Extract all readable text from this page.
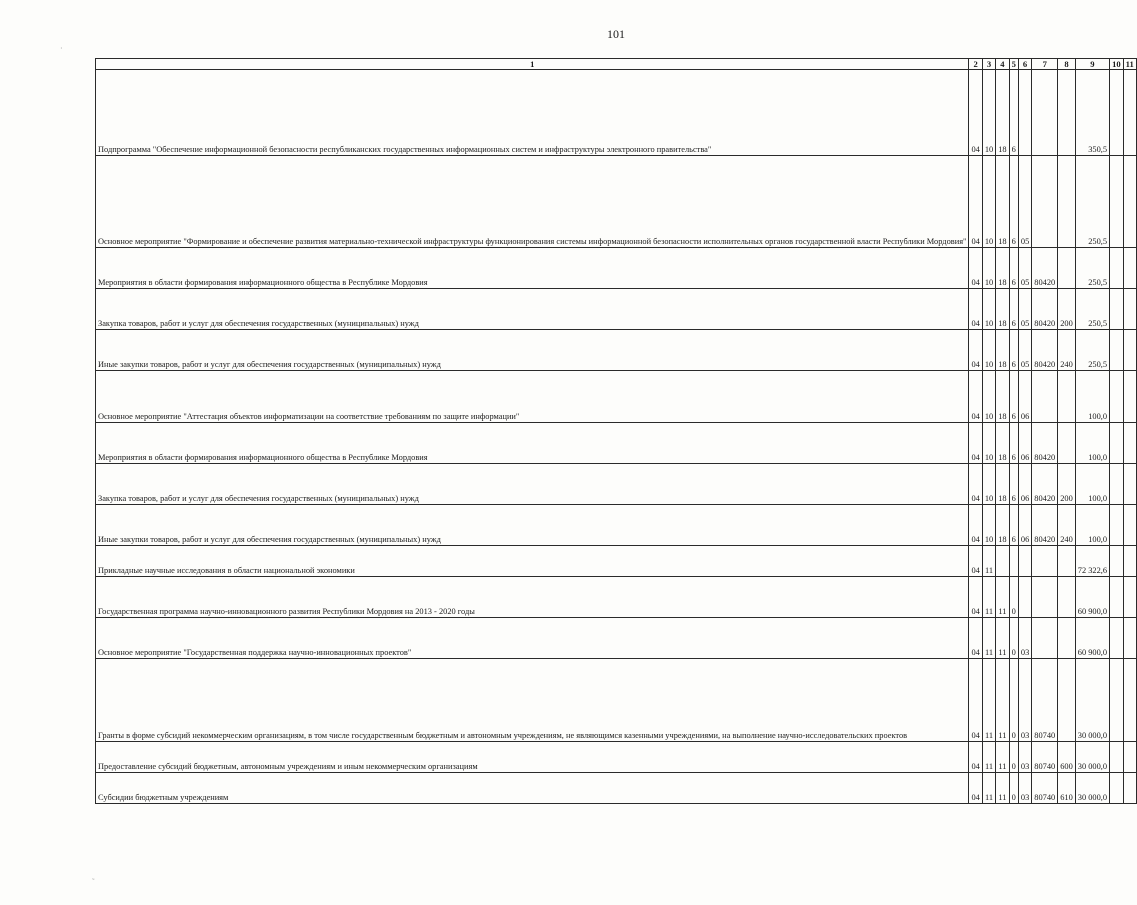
101
·
˜
1	2	3	4	5	6	7	8	9	10	11
Подпрограмма "Обеспечение информационной безопасности республиканских государственных информационных систем и инфраструктуры электронного правительства"	04	10	18	6				350,5		
Основное мероприятие "Формирование и обеспечение развития материально-технической инфраструктуры функционирования системы информационной безопасности исполнительных органов государственной власти Республики Мордовия"	04	10	18	6	05			250,5		
Мероприятия в области формирования информационного общества в Республике Мордовия	04	10	18	6	05	80420		250,5		
Закупка товаров, работ и услуг для обеспечения государственных (муниципальных) нужд	04	10	18	6	05	80420	200	250,5		
Иные закупки товаров, работ и услуг для обеспечения государственных (муниципальных) нужд	04	10	18	6	05	80420	240	250,5		
Основное мероприятие "Аттестация объектов информатизации на соответствие требованиям по защите информации"	04	10	18	6	06			100,0		
Мероприятия в области формирования информационного общества в Республике Мордовия	04	10	18	6	06	80420		100,0		
Закупка товаров, работ и услуг для обеспечения государственных (муниципальных) нужд	04	10	18	6	06	80420	200	100,0		
Иные закупки товаров, работ и услуг для обеспечения государственных (муниципальных) нужд	04	10	18	6	06	80420	240	100,0		
Прикладные научные исследования в области национальной экономики	04	11						72 322,6		
Государственная программа научно-инновационного развития Республики Мордовия на 2013 - 2020 годы	04	11	11	0				60 900,0		
Основное мероприятие "Государственная поддержка научно-инновационных проектов"	04	11	11	0	03			60 900,0		
Гранты в форме субсидий некоммерческим организациям, в том числе государственным бюджетным и автономным учреждениям, не являющимся казенными учреждениями, на выполнение научно-исследовательских проектов	04	11	11	0	03	80740		30 000,0		
Предоставление субсидий бюджетным, автономным учреждениям и иным некоммерческим организациям	04	11	11	0	03	80740	600	30 000,0		
Субсидии бюджетным учреждениям	04	11	11	0	03	80740	610	30 000,0		
